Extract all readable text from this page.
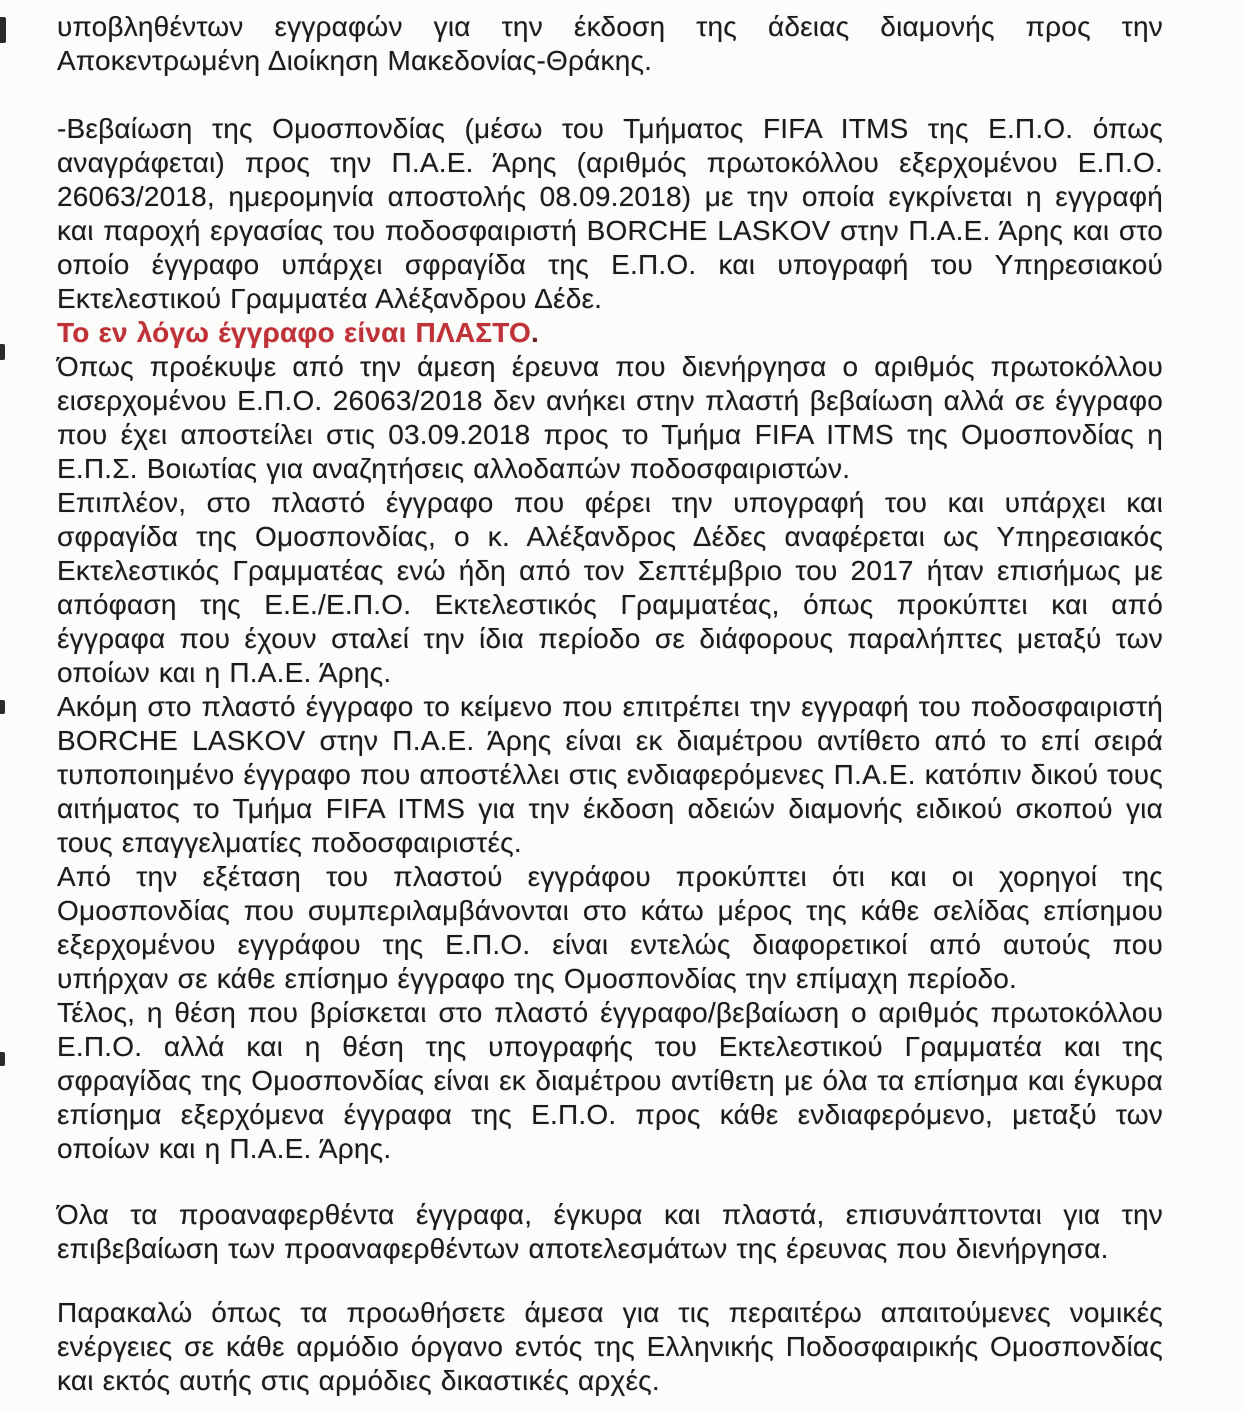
υποβληθέντων εγγραφών για την έκδοση της άδειας διαμονής προς την Αποκεντρωμένη Διοίκηση Μακεδονίας-Θράκης.

-Βεβαίωση της Ομοσπονδίας (μέσω του Τμήματος FIFA ITMS της Ε.Π.Ο. όπως αναγράφεται) προς την Π.Α.Ε. Άρης (αριθμός πρωτοκόλλου εξερχομένου Ε.Π.Ο. 26063/2018, ημερομηνία αποστολής 08.09.2018) με την οποία εγκρίνεται η εγγραφή και παροχή εργασίας του ποδοσφαιριστή BORCHE LASKOV στην Π.Α.Ε. Άρης και στο οποίο έγγραφο υπάρχει σφραγίδα της Ε.Π.Ο. και υπογραφή του Υπηρεσιακού Εκτελεστικού Γραμματέα Αλέξανδρου Δέδε.

Το εν λόγω έγγραφο είναι ΠΛΑΣΤΟ.

Όπως προέκυψε από την άμεση έρευνα που διενήργησα ο αριθμός πρωτοκόλλου εισερχομένου Ε.Π.Ο. 26063/2018 δεν ανήκει στην πλαστή βεβαίωση αλλά σε έγγραφο που έχει αποστείλει στις 03.09.2018 προς το Τμήμα FIFA ITMS της Ομοσπονδίας η Ε.Π.Σ. Βοιωτίας για αναζητήσεις αλλοδαπών ποδοσφαιριστών.

Επιπλέον, στο πλαστό έγγραφο που φέρει την υπογραφή του και υπάρχει και σφραγίδα της Ομοσπονδίας, ο κ. Αλέξανδρος Δέδες αναφέρεται ως Υπηρεσιακός Εκτελεστικός Γραμματέας ενώ ήδη από τον Σεπτέμβριο του 2017 ήταν επισήμως με απόφαση της Ε.Ε./Ε.Π.Ο. Εκτελεστικός Γραμματέας, όπως προκύπτει και από έγγραφα που έχουν σταλεί την ίδια περίοδο σε διάφορους παραλήπτες μεταξύ των οποίων και η Π.Α.Ε. Άρης.

Ακόμη στο πλαστό έγγραφο το κείμενο που επιτρέπει την εγγραφή του ποδοσφαιριστή BORCHE LASKOV στην Π.Α.Ε. Άρης είναι εκ διαμέτρου αντίθετο από το επί σειρά τυποποιημένο έγγραφο που αποστέλλει στις ενδιαφερόμενες Π.Α.Ε. κατόπιν δικού τους αιτήματος το Τμήμα FIFA ITMS για την έκδοση αδειών διαμονής ειδικού σκοπού για τους επαγγελματίες ποδοσφαιριστές.

Από την εξέταση του πλαστού εγγράφου προκύπτει ότι και οι χορηγοί της Ομοσπονδίας που συμπεριλαμβάνονται στο κάτω μέρος της κάθε σελίδας επίσημου εξερχομένου εγγράφου της Ε.Π.Ο. είναι εντελώς διαφορετικοί από αυτούς που υπήρχαν σε κάθε επίσημο έγγραφο της Ομοσπονδίας την επίμαχη περίοδο.

Τέλος, η θέση που βρίσκεται στο πλαστό έγγραφο/βεβαίωση ο αριθμός πρωτοκόλλου Ε.Π.Ο. αλλά και η θέση της υπογραφής του Εκτελεστικού Γραμματέα και της σφραγίδας της Ομοσπονδίας είναι εκ διαμέτρου αντίθετη με όλα τα επίσημα και έγκυρα επίσημα εξερχόμενα έγγραφα της Ε.Π.Ο. προς κάθε ενδιαφερόμενο, μεταξύ των οποίων και η Π.Α.Ε. Άρης.

Όλα τα προαναφερθέντα έγγραφα, έγκυρα και πλαστά, επισυνάπτονται για την επιβεβαίωση των προαναφερθέντων αποτελεσμάτων της έρευνας που διενήργησα.

Παρακαλώ όπως τα προωθήσετε άμεσα για τις περαιτέρω απαιτούμενες νομικές ενέργειες σε κάθε αρμόδιο όργανο εντός της Ελληνικής Ποδοσφαιρικής Ομοσπονδίας και εκτός αυτής στις αρμόδιες δικαστικές αρχές.
